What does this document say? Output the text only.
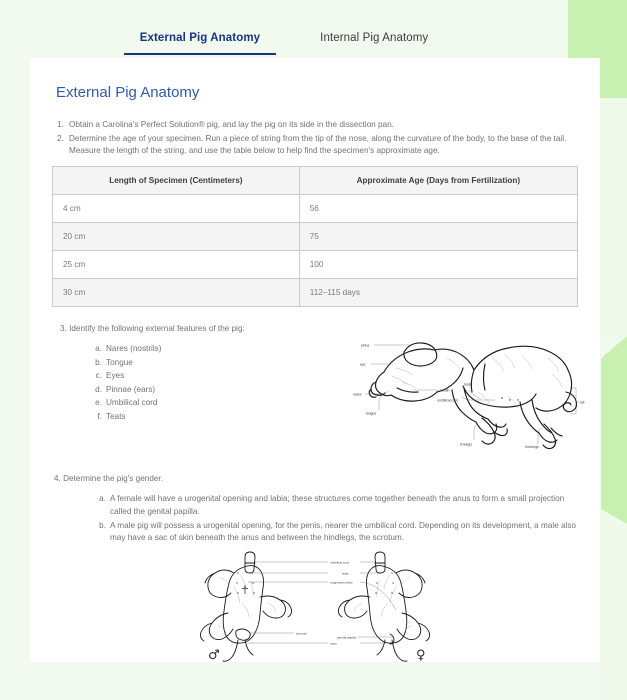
External Pig Anatomy	Internal Pig Anatomy
External Pig Anatomy
1. Obtain a Carolina’s Perfect Solution® pig, and lay the pig on its side in the dissection pan.
2. Determine the age of your specimen. Run a piece of string from the tip of the nose, along the curvature of the body, to the base of the tail. Measure the length of the string, and use the table below to help find the specimen’s approximate age.
Length of Specimen (Centimeters)	Approximate Age (Days from Fertilization)
4 cm	56
20 cm	75
25 cm	100
30 cm	112–115 days
3. Identify the following external features of the pig:
a. Nares (nostrils)
b. Tongue
c. Eyes
d. Pinnae (ears)
e. Umbilical cord
f. Teats
pinna
eye
nares
tongue
mouth
teats
umbilical cord
forelegs
hind legs
tail
4. Determine the pig's gender.
a. A female will have a urogenital opening and labia; these structures come together beneath the anus to form a small projection called the genital papilla.
b. A male pig will possess a urogenital opening, for the penis, nearer the umbilical cord. Depending on its development, a male also may have a sac of skin beneath the anus and between the hindlegs, the scrotum.
umbilical cord
teats
urogenital orifice
scrotum
genital papilla
anus
♂	♀
